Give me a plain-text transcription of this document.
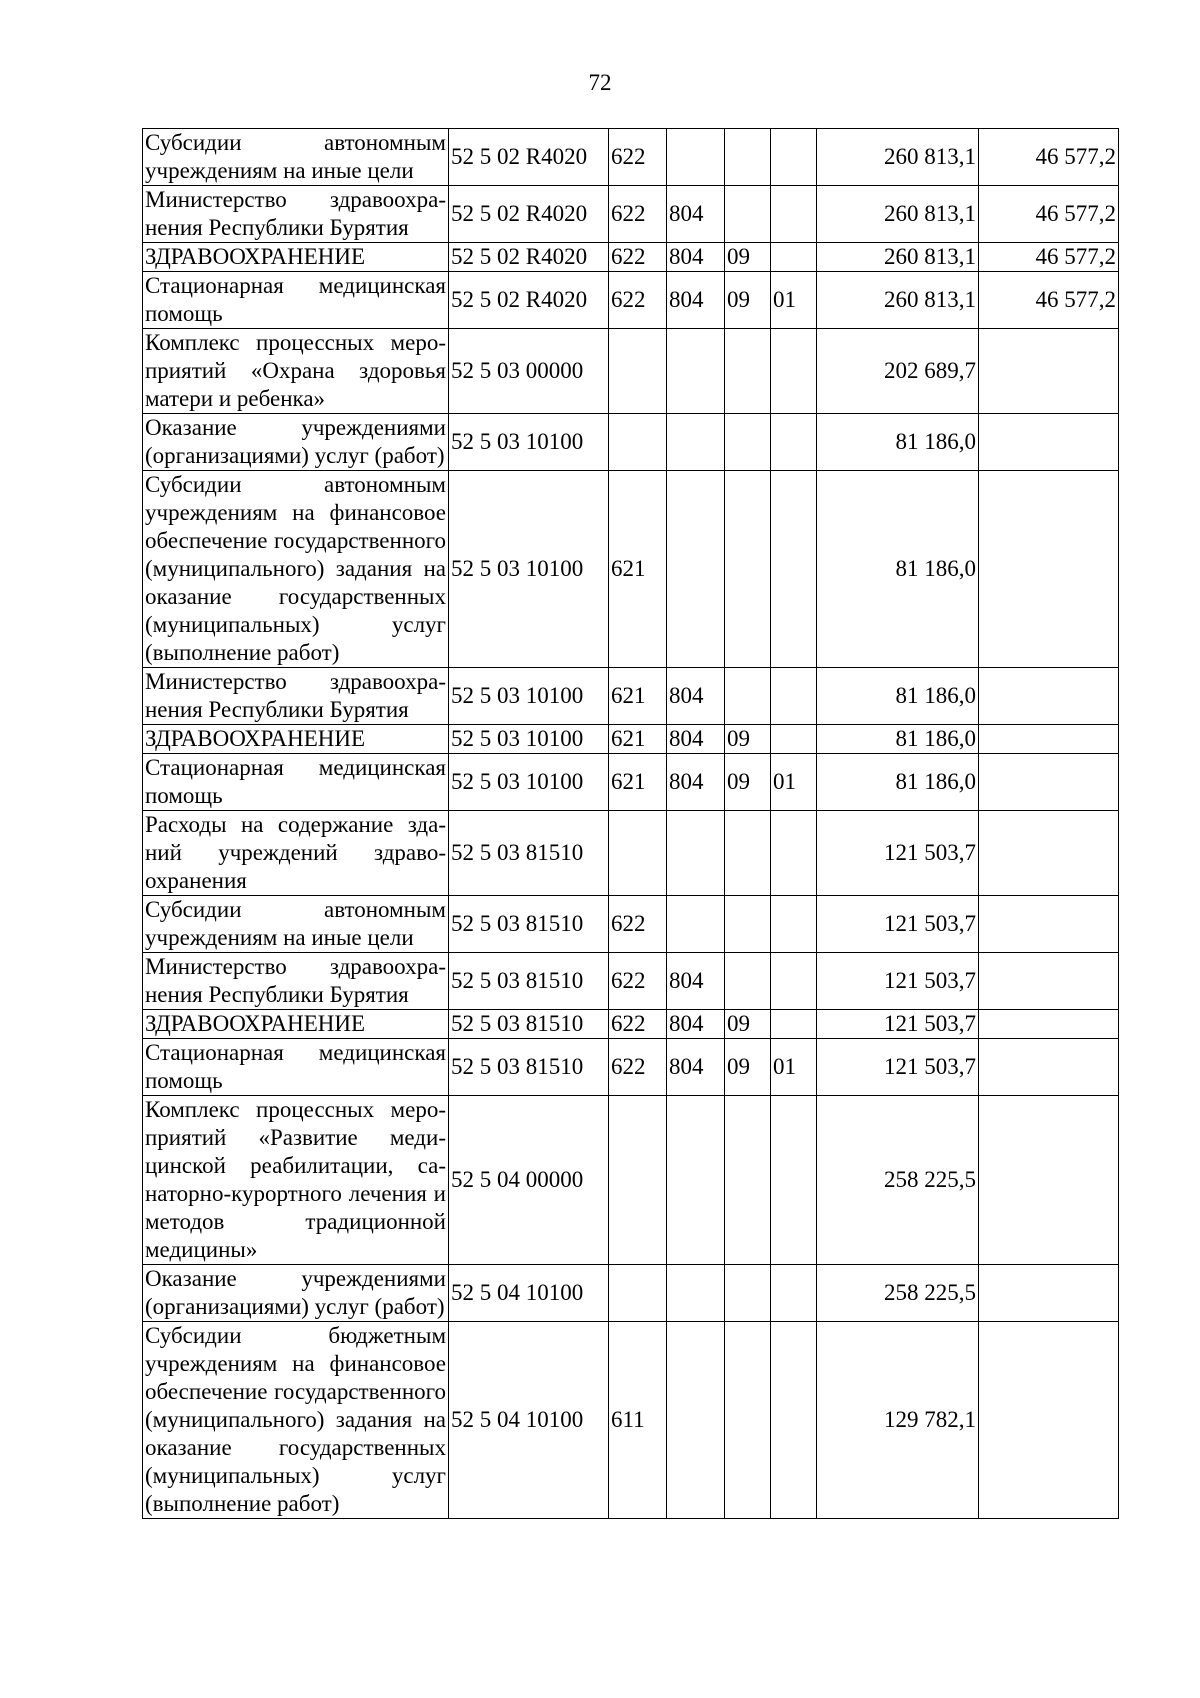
72
Субсидии автономным учреждениям на иные цели	52 5 02 R4020	622				260 813,1	46 577,2
Министерство здравоохранения Республики Бурятия	52 5 02 R4020	622	804			260 813,1	46 577,2
ЗДРАВООХРАНЕНИЕ	52 5 02 R4020	622	804	09		260 813,1	46 577,2
Стационарная медицинская помощь	52 5 02 R4020	622	804	09	01	260 813,1	46 577,2
Комплекс процессных мероприятий «Охрана здоровья матери и ребенка»	52 5 03 00000					202 689,7	
Оказание учреждениями (организациями) услуг (работ)	52 5 03 10100					81 186,0	
Субсидии автономным учреждениям на финансовое обеспечение государственного (муниципального) задания на оказание государственных (муниципальных) услуг (выполнение работ)	52 5 03 10100	621				81 186,0	
Министерство здравоохранения Республики Бурятия	52 5 03 10100	621	804			81 186,0	
ЗДРАВООХРАНЕНИЕ	52 5 03 10100	621	804	09		81 186,0	
Стационарная медицинская помощь	52 5 03 10100	621	804	09	01	81 186,0	
Расходы на содержание зданий учреждений здравоохранения	52 5 03 81510					121 503,7	
Субсидии автономным учреждениям на иные цели	52 5 03 81510	622				121 503,7	
Министерство здравоохранения Республики Бурятия	52 5 03 81510	622	804			121 503,7	
ЗДРАВООХРАНЕНИЕ	52 5 03 81510	622	804	09		121 503,7	
Стационарная медицинская помощь	52 5 03 81510	622	804	09	01	121 503,7	
Комплекс процессных мероприятий «Развитие медицинской реабилитации, санаторно-курортного лечения и методов традиционной медицины»	52 5 04 00000					258 225,5	
Оказание учреждениями (организациями) услуг (работ)	52 5 04 10100					258 225,5	
Субсидии бюджетным учреждениям на финансовое обеспечение государственного (муниципального) задания на оказание государственных (муниципальных) услуг (выполнение работ)	52 5 04 10100	611				129 782,1	
